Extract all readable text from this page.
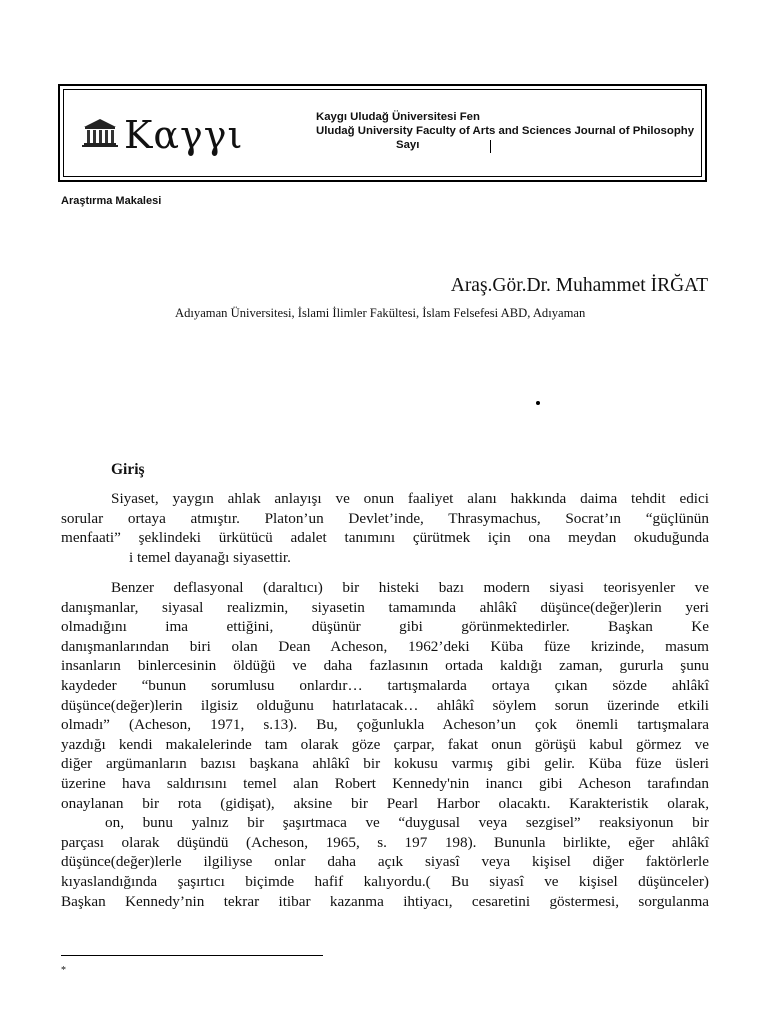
Καγγι	Kaygı Uludağ Üniversitesi Fen
Uludağ University Faculty of Arts and Sciences Journal of Philosophy
Sayı
Araştırma Makalesi
Araş.Gör.Dr. Muhammet İRĞAT
Adıyaman Üniversitesi, İslami İlimler Fakültesi, İslam Felsefesi ABD, Adıyaman
Giriş
Siyaset, yaygın ahlak anlayışı ve onun faaliyet alanı hakkında daima tehdit edici
sorular ortaya atmıştır. Platon’un Devlet’inde, Thrasymachus, Socrat’ın “güçlünün
menfaati” şeklindeki ürkütücü adalet tanımını çürütmek için ona meydan okuduğunda
i temel dayanağı siyasettir.
Benzer deflasyonal (daraltıcı) bir histeki bazı modern siyasi teorisyenler ve
danışmanlar, siyasal realizmin, siyasetin tamamında ahlâkî düşünce(değer)lerin yeri
olmadığını ima ettiğini, düşünür gibi görünmektedirler. Başkan Ke
danışmanlarından biri olan Dean Acheson, 1962’deki Küba füze krizinde, masum
insanların binlercesinin öldüğü ve daha fazlasının ortada kaldığı zaman, gururla şunu
kaydeder “bunun sorumlusu onlardır… tartışmalarda ortaya çıkan sözde ahlâkî
düşünce(değer)lerin ilgisiz olduğunu hatırlatacak… ahlâkî söylem sorun üzerinde etkili
olmadı” (Acheson, 1971, s.13). Bu, çoğunlukla Acheson’un çok önemli tartışmalara
yazdığı kendi makalelerinde tam olarak göze çarpar, fakat onun görüşü kabul görmez ve
diğer argümanların bazısı başkana ahlâkî bir kokusu varmış gibi gelir. Küba füze üsleri
üzerine hava saldırısını temel alan Robert Kennedy'nin inancı gibi Acheson tarafından
onaylanan bir rota (gidişat), aksine bir Pearl Harbor olacaktı. Karakteristik olarak,
on, bunu yalnız bir şaşırtmaca ve “duygusal veya sezgisel” reaksiyonun bir
parçası olarak düşündü (Acheson, 1965, s. 197 198). Bununla birlikte, eğer ahlâkî
düşünce(değer)lerle ilgiliyse onlar daha açık siyasî veya kişisel diğer faktörlerle
kıyaslandığında şaşırtıcı biçimde hafif kalıyordu.( Bu siyasî ve kişisel düşünceler)
Başkan Kennedy’nin tekrar itibar kazanma ihtiyacı, cesaretini göstermesi, sorgulanma
*
